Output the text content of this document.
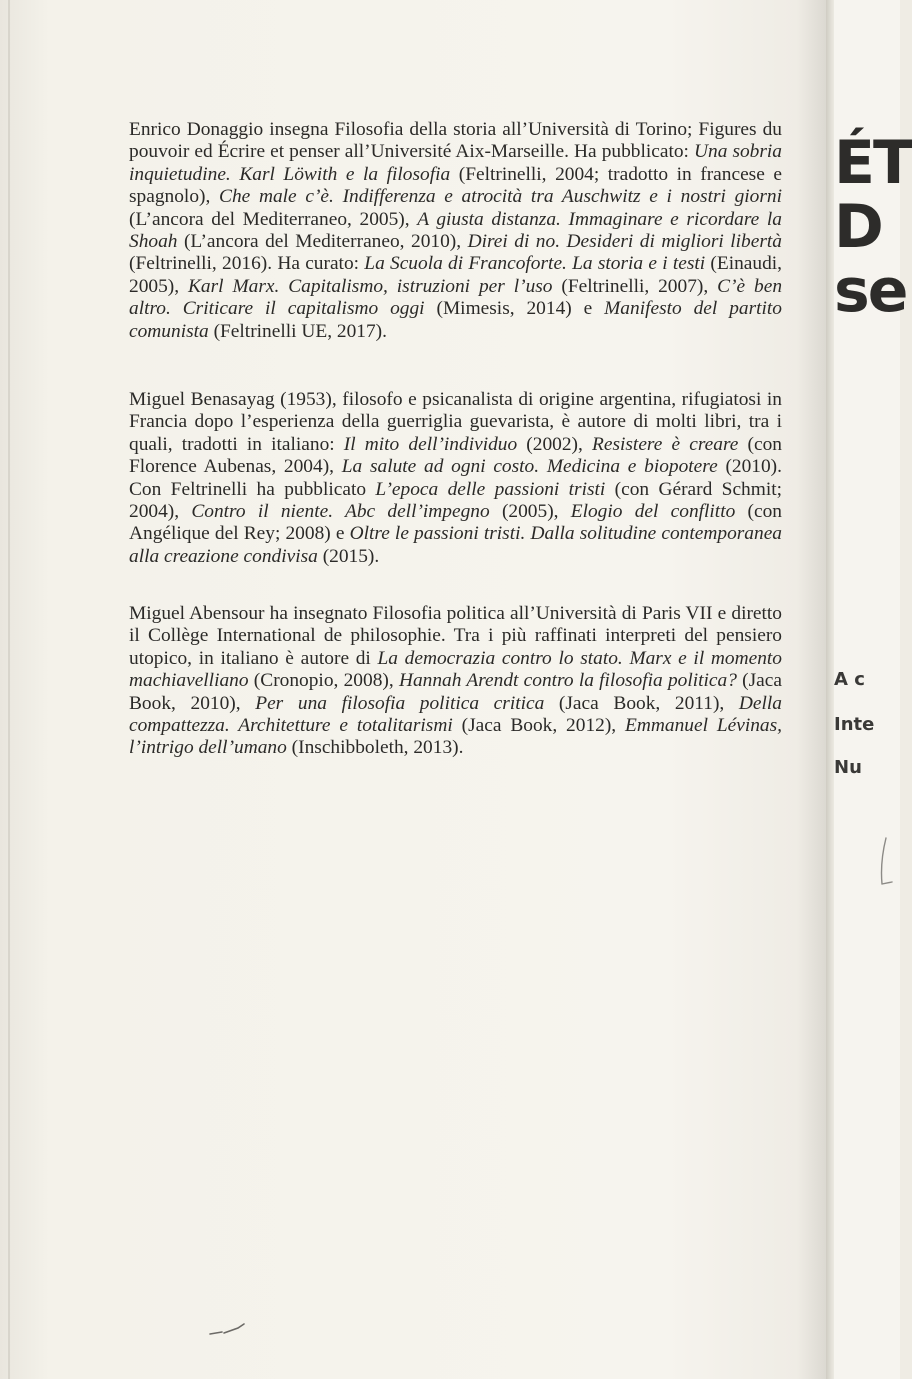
Enrico Donaggio insegna Filosofia della storia all’Università di Torino; Figures du pouvoir ed Écrire et penser all’Université Aix-Marseille. Ha pubblicato: Una sobria inquietudine. Karl Löwith e la filosofia (Feltrinelli, 2004; tradotto in francese e spagnolo), Che male c’è. Indifferenza e atrocità tra Auschwitz e i nostri giorni (L’ancora del Mediterraneo, 2005), A giusta distanza. Immaginare e ricordare la Shoah (L’ancora del Mediterraneo, 2010), Direi di no. Desideri di migliori libertà (Feltrinelli, 2016). Ha curato: La Scuola di Francoforte. La storia e i testi (Einaudi, 2005), Karl Marx. Capitalismo, istruzioni per l’uso (Feltrinelli, 2007), C’è ben altro. Criticare il capitalismo oggi (Mimesis, 2014) e Manifesto del partito comunista (Feltrinelli UE, 2017).

Miguel Benasayag (1953), filosofo e psicanalista di origine argentina, rifugiatosi in Francia dopo l’esperienza della guerriglia guevarista, è autore di molti libri, tra i quali, tradotti in italiano: Il mito dell’individuo (2002), Resistere è creare (con Florence Aubenas, 2004), La salute ad ogni costo. Medicina e biopotere (2010). Con Feltrinelli ha pubblicato L’epoca delle passioni tristi (con Gérard Schmit; 2004), Contro il niente. Abc dell’impegno (2005), Elogio del conflitto (con Angélique del Rey; 2008) e Oltre le passioni tristi. Dalla solitudine contemporanea alla creazione condivisa (2015).

Miguel Abensour ha insegnato Filosofia politica all’Università di Paris VII e diretto il Collège International de philosophie. Tra i più raffinati interpreti del pensiero utopico, in italiano è autore di La democrazia contro lo stato. Marx e il momento machiavelliano (Cronopio, 2008), Hannah Arendt contro la filosofia politica? (Jaca Book, 2010), Per una filosofia politica critica (Jaca Book, 2011), Della compattezza. Architetture e totalitarismi (Jaca Book, 2012), Emmanuel Lévinas, l’intrigo dell’umano (Inschibboleth, 2013).

ÉT
D
se
A c
Inte
Nu
